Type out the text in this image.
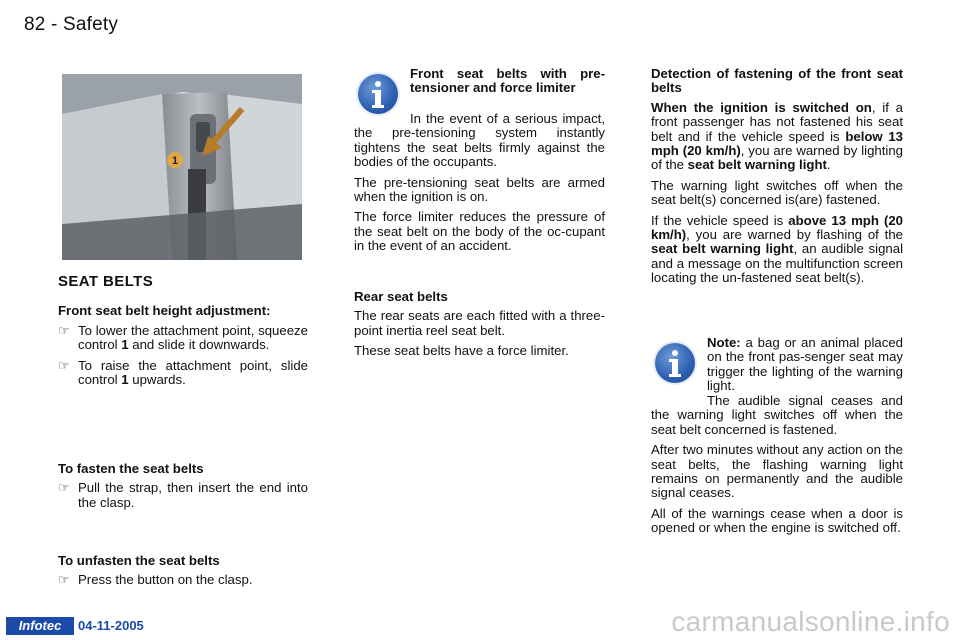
82 - Safety
1
SEAT BELTS

Front seat belt height adjustment:

☞ To lower the attachment point, squeeze control 1 and slide it downwards.

☞ To raise the attachment point, slide control 1 upwards.

To fasten the seat belts

☞ Pull the strap, then insert the end into the clasp.

To unfasten the seat belts

☞ Press the button on the clasp.

Front seat belts with pre-tensioner and force limiter

In the event of a serious impact, the pre-tensioning system instantly tightens the seat belts firmly against the bodies of the occupants.

The pre-tensioning seat belts are armed when the ignition is on.

The force limiter reduces the pressure of the seat belt on the body of the oc-cupant in the event of an accident.

Rear seat belts

The rear seats are each fitted with a three-point inertia reel seat belt.

These seat belts have a force limiter.

Detection of fastening of the front seat belts

When the ignition is switched on, if a front passenger has not fastened his seat belt and if the vehicle speed is below 13 mph (20 km/h), you are warned by lighting of the seat belt warning light.

The warning light switches off when the seat belt(s) concerned is(are) fastened.

If the vehicle speed is above 13 mph (20 km/h), you are warned by flashing of the seat belt warning light, an audible signal and a message on the multifunction screen locating the un-fastened seat belt(s).

Note: a bag or an animal placed on the front pas-senger seat may trigger the lighting of the warning light.

The audible signal ceases and the warning light switches off when the seat belt concerned is fastened.

After two minutes without any action on the seat belts, the flashing warning light remains on permanently and the audible signal ceases.

All of the warnings cease when a door is opened or when the engine is switched off.

Infotec	04-11-2005	carmanualsonline.info
